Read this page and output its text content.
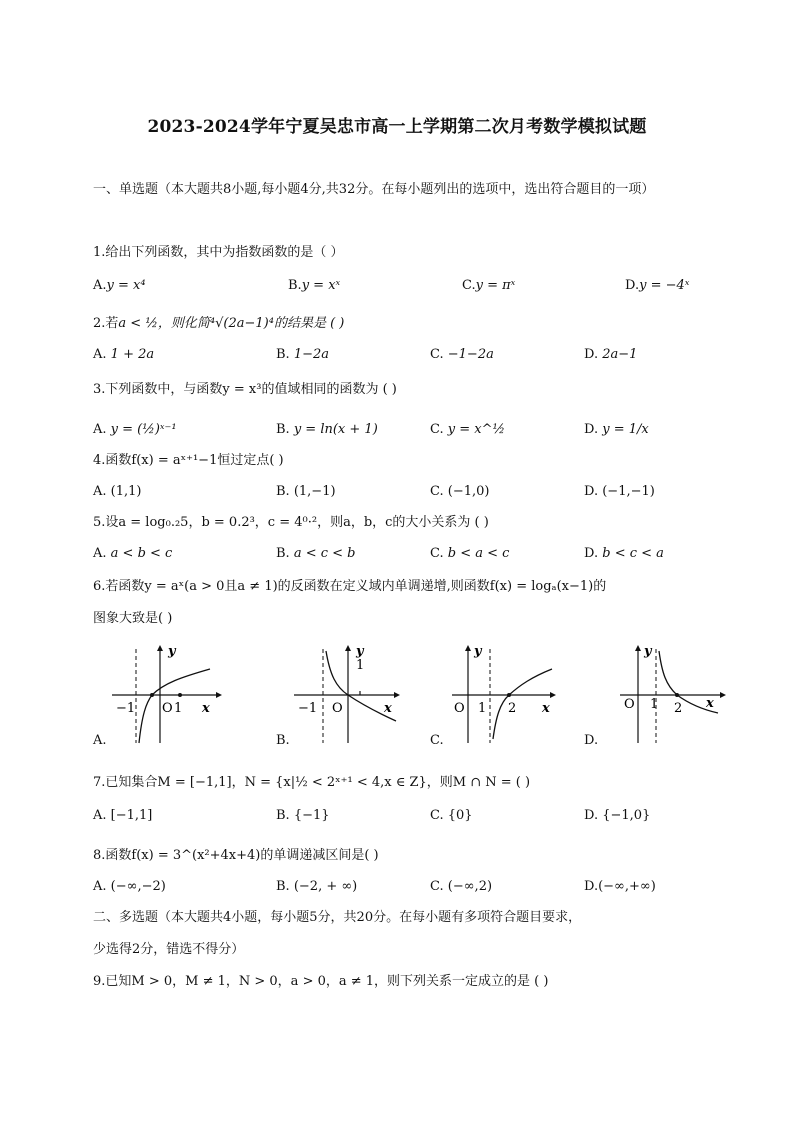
2023-2024学年宁夏吴忠市高一上学期第二次月考数学模拟试题
一、单选题（本大题共8小题,每小题4分,共32分。在每小题列出的选项中，选出符合题目的一项）
1.给出下列函数，其中为指数函数的是（ ）
A.y = x⁴	B.y = xˣ	C.y = πˣ	D.y = −4ˣ
2.若a < ½，则化简⁴√(2a−1)⁴的结果是 ( )
A. 1 + 2a	B. 1−2a	C. −1−2a	D. 2a−1
3.下列函数中，与函数y = x³的值域相同的函数为 ( )
A. y = (½)ˣ⁻¹	B. y = ln(x + 1)	C. y = x^½	D. y = 1/x
4.函数f(x) = aˣ⁺¹−1恒过定点( )
A. (1,1)	B. (1,−1)	C. (−1,0)	D. (−1,−1)
5.设a = log₀.₂5，b = 0.2³，c = 4⁰·²，则a，b，c的大小关系为 ( )
A. a < b < c	B. a < c < b	C. b < a < c	D. b < c < a
6.若函数y = aˣ(a > 0且a ≠ 1)的反函数在定义域内单调递增,则函数f(x) = logₐ(x−1)的
图象大致是( )
y
x
−1 O 1
A.
1
y
x
−1 O
B.
y
x
O 1 2
C.
y
x
O 1 2
D.
7.已知集合M = [−1,1]，N = {x|½ < 2ˣ⁺¹ < 4,x ∈ Z}，则M ∩ N = ( )
A. [−1,1]	B. {−1}	C. {0}	D. {−1,0}
8.函数f(x) = 3^(x²+4x+4)的单调递减区间是( )
A. (−∞,−2)	B. (−2, + ∞)	C. (−∞,2)	D.(−∞,+∞)
二、多选题（本大题共4小题，每小题5分，共20分。在每小题有多项符合题目要求，
少选得2分，错选不得分）
9.已知M > 0，M ≠ 1，N > 0，a > 0，a ≠ 1，则下列关系一定成立的是 ( )
